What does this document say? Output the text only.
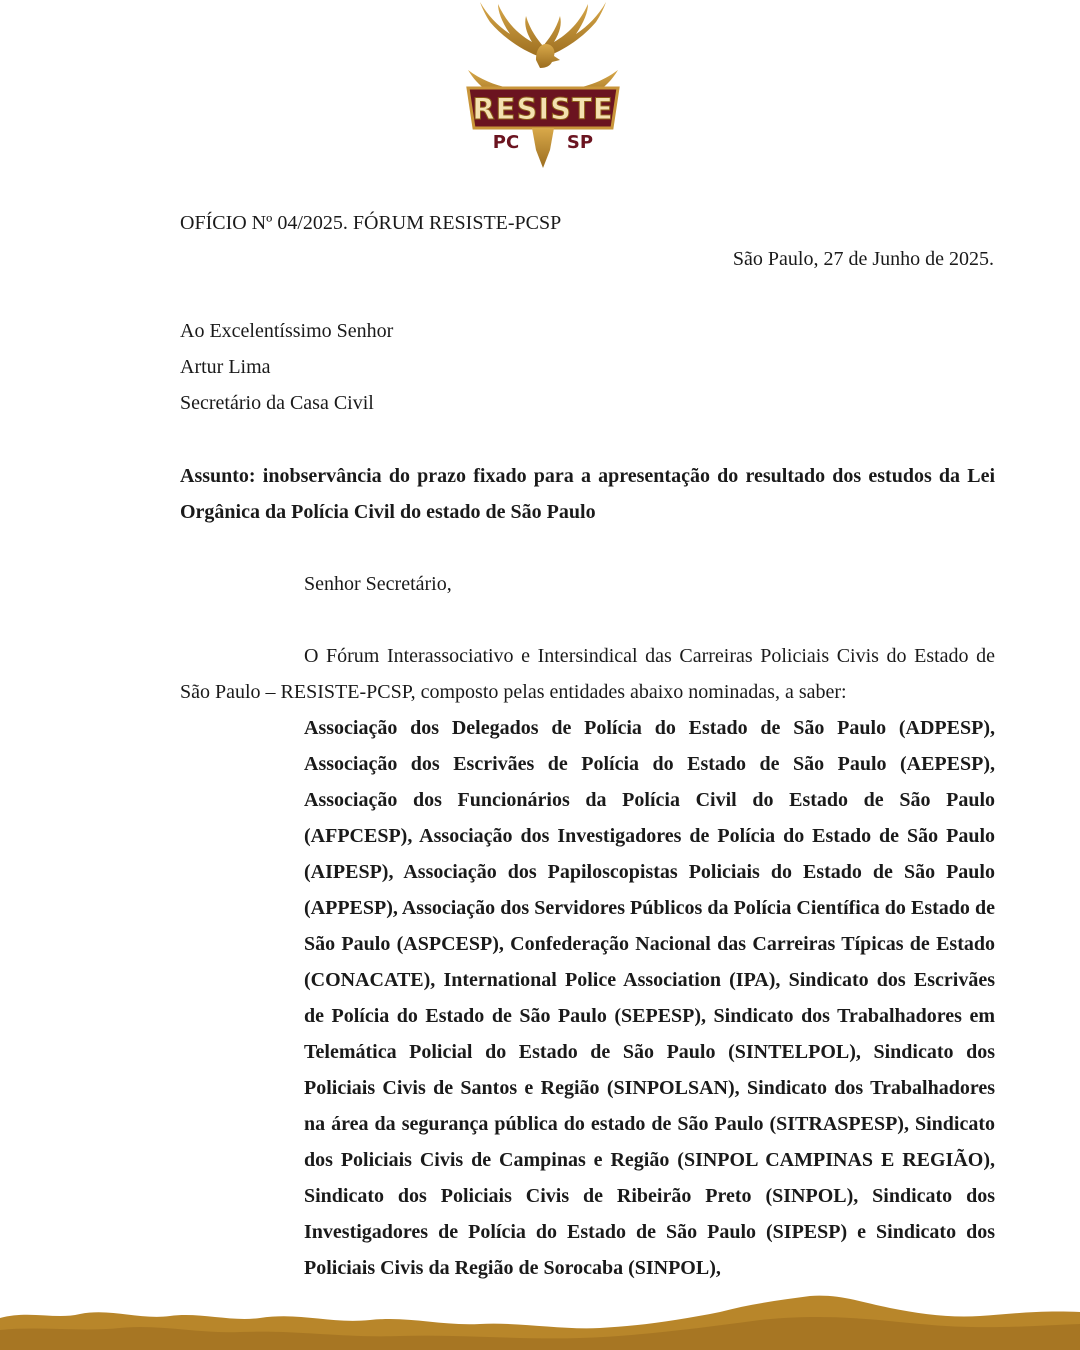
RESISTE
PC	SP

OFÍCIO Nº 04/2025. FÓRUM RESISTE-PCSP

São Paulo, 27 de Junho de 2025.

Ao Excelentíssimo Senhor

Artur Lima

Secretário da Casa Civil

Assunto: inobservância do prazo fixado para a apresentação do resultado dos estudos da Lei Orgânica da Polícia Civil do estado de São Paulo

Senhor Secretário,

O Fórum Interassociativo e Intersindical das Carreiras Policiais Civis do Estado de

São Paulo – RESISTE-PCSP, composto pelas entidades abaixo nominadas, a saber:

Associação dos Delegados de Polícia do Estado de São Paulo (ADPESP), Associação dos Escrivães de Polícia do Estado de São Paulo (AEPESP), Associação dos Funcionários da Polícia Civil do Estado de São Paulo (AFPCESP), Associação dos Investigadores de Polícia do Estado de São Paulo (AIPESP), Associação dos Papiloscopistas Policiais do Estado de São Paulo (APPESP), Associação dos Servidores Públicos da Polícia Científica do Estado de São Paulo (ASPCESP), Confederação Nacional das Carreiras Típicas de Estado (CONACATE), International Police Association (IPA), Sindicato dos Escrivães de Polícia do Estado de São Paulo (SEPESP), Sindicato dos Trabalhadores em Telemática Policial do Estado de São Paulo (SINTELPOL), Sindicato dos Policiais Civis de Santos e Região (SINPOLSAN), Sindicato dos Trabalhadores na área da segurança pública do estado de São Paulo (SITRASPESP), Sindicato dos Policiais Civis de Campinas e Região (SINPOL CAMPINAS E REGIÃO), Sindicato dos Policiais Civis de Ribeirão Preto (SINPOL), Sindicato dos Investigadores de Polícia do Estado de São Paulo (SIPESP) e Sindicato dos Policiais Civis da Região de Sorocaba (SINPOL),
